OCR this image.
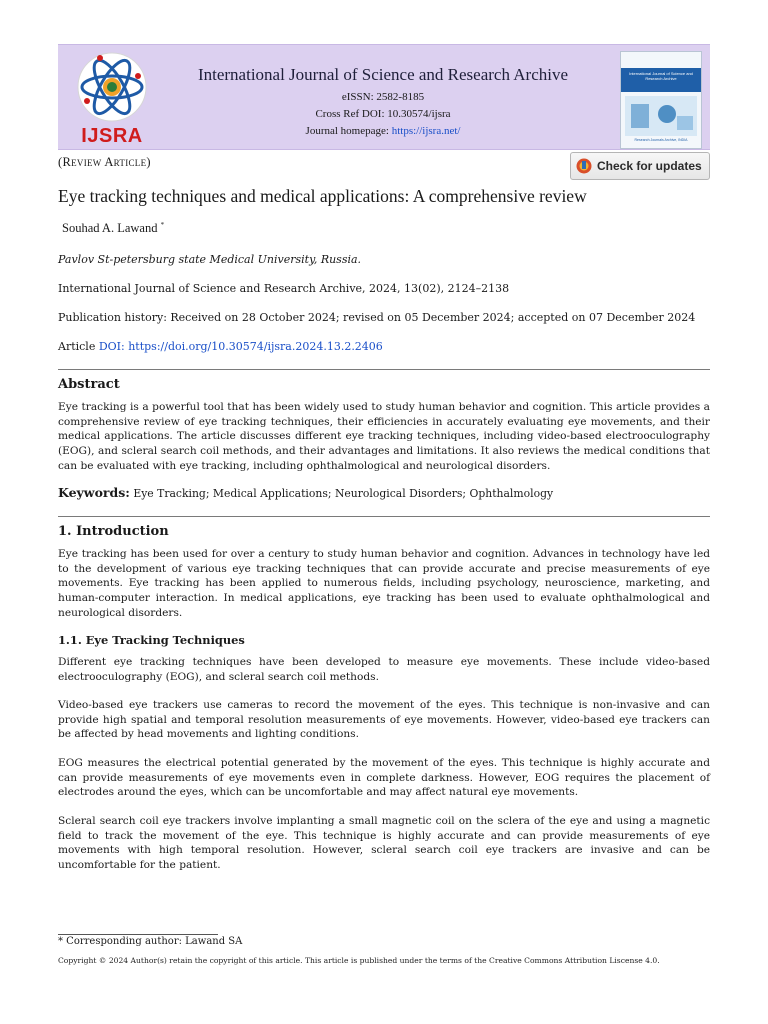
IJSRA
International Journal of Science and Research Archive
eISSN: 2582-8185
Cross Ref DOI: 10.30574/ijsra
Journal homepage: https://ijsra.net/
International Journal of Science and Research Archive
Research Journals Archive, INDIA
(Review Article)	Check for updates
Eye tracking techniques and medical applications: A comprehensive review
Souhad A. Lawand *
Pavlov St-petersburg state Medical University, Russia.
International Journal of Science and Research Archive, 2024, 13(02), 2124–2138
Publication history: Received on 28 October 2024; revised on 05 December 2024; accepted on 07 December 2024
Article DOI: https://doi.org/10.30574/ijsra.2024.13.2.2406
Abstract
Eye tracking is a powerful tool that has been widely used to study human behavior and cognition. This article provides a comprehensive review of eye tracking techniques, their efficiencies in accurately evaluating eye movements, and their medical applications. The article discusses different eye tracking techniques, including video-based electrooculography (EOG), and scleral search coil methods, and their advantages and limitations. It also reviews the medical conditions that can be evaluated with eye tracking, including ophthalmological and neurological disorders.
Keywords: Eye Tracking; Medical Applications; Neurological Disorders; Ophthalmology
1. Introduction
Eye tracking has been used for over a century to study human behavior and cognition. Advances in technology have led to the development of various eye tracking techniques that can provide accurate and precise measurements of eye movements. Eye tracking has been applied to numerous fields, including psychology, neuroscience, marketing, and human-computer interaction. In medical applications, eye tracking has been used to evaluate ophthalmological and neurological disorders.
1.1. Eye Tracking Techniques
Different eye tracking techniques have been developed to measure eye movements. These include video-based electrooculography (EOG), and scleral search coil methods.
Video-based eye trackers use cameras to record the movement of the eyes. This technique is non-invasive and can provide high spatial and temporal resolution measurements of eye movements. However, video-based eye trackers can be affected by head movements and lighting conditions.
EOG measures the electrical potential generated by the movement of the eyes. This technique is highly accurate and can provide measurements of eye movements even in complete darkness. However, EOG requires the placement of electrodes around the eyes, which can be uncomfortable and may affect natural eye movements.
Scleral search coil eye trackers involve implanting a small magnetic coil on the sclera of the eye and using a magnetic field to track the movement of the eye. This technique is highly accurate and can provide measurements of eye movements with high temporal resolution. However, scleral search coil eye trackers are invasive and can be uncomfortable for the patient.
* Corresponding author: Lawand SA
Copyright © 2024 Author(s) retain the copyright of this article. This article is published under the terms of the Creative Commons Attribution Liscense 4.0.
